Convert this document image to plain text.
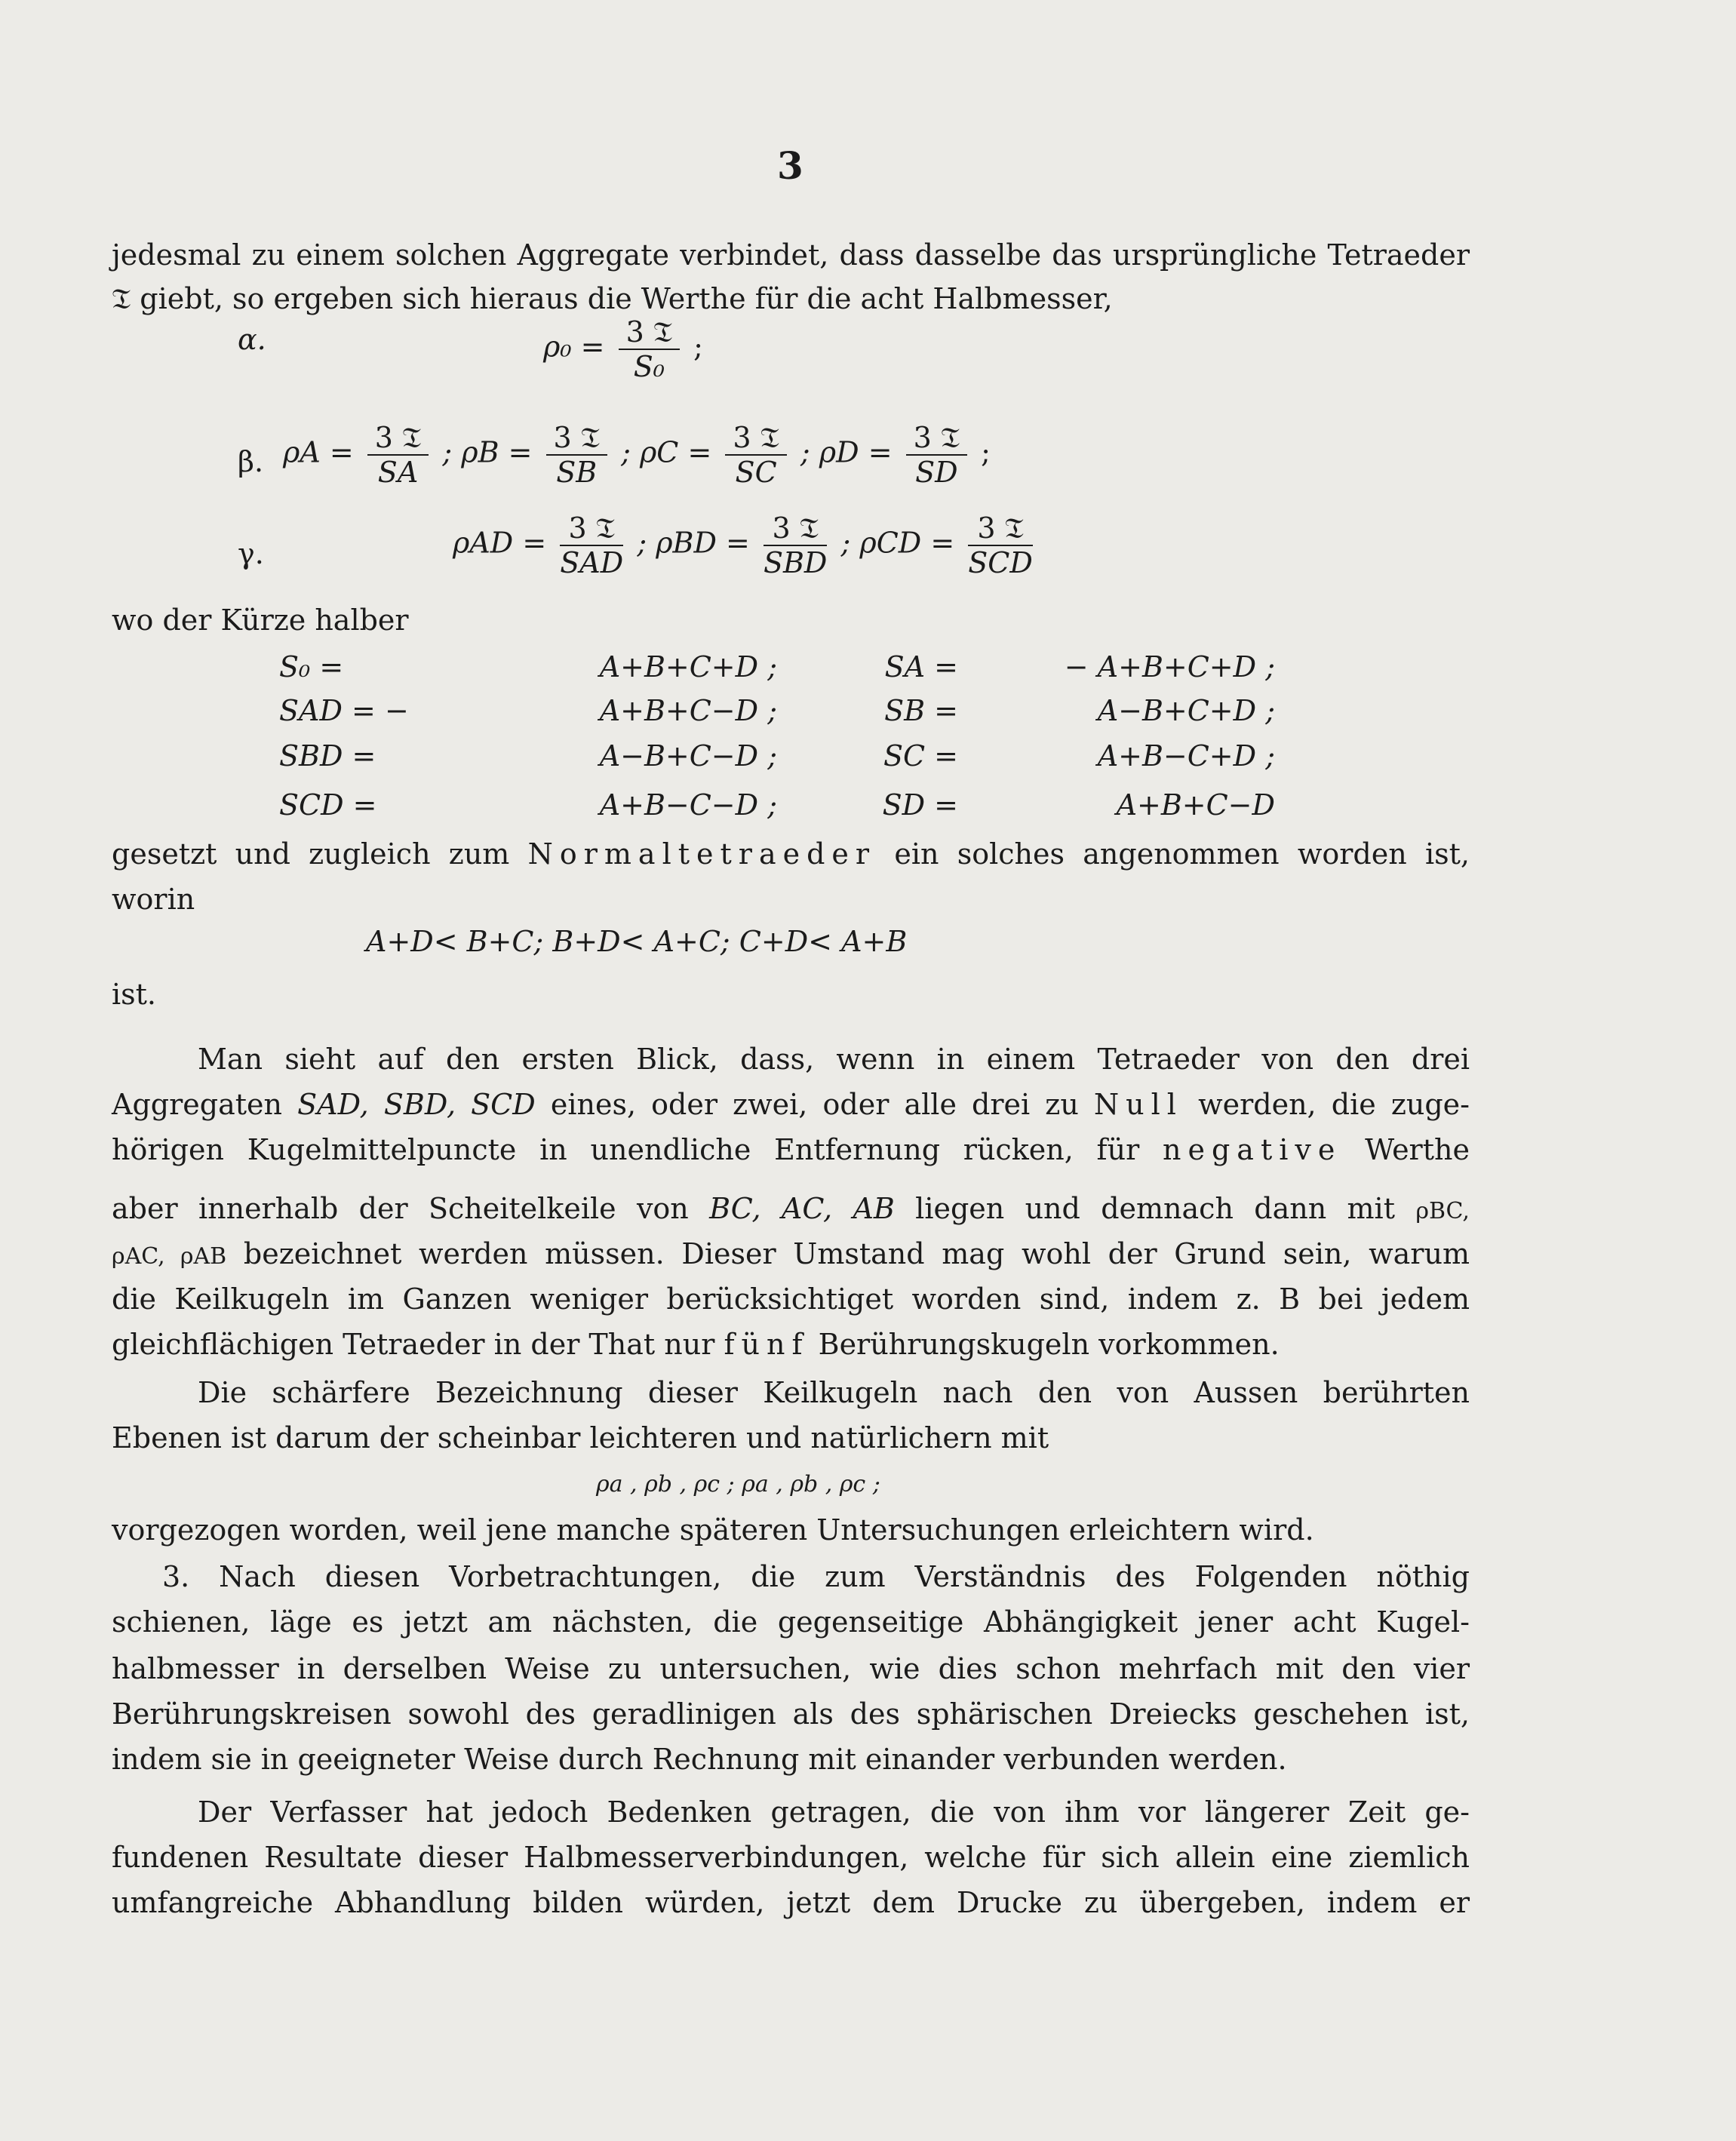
3
jedesmal zu einem solchen Aggregate verbindet, dass dasselbe das ursprüngliche Tetraeder
𝔗 giebt, so ergeben sich hieraus die Werthe für die acht Halbmesser,
α.	$\rho_0 = \frac{\text{3 𝔗}}{\text{S₀}}$ ;
β. $\rho A = \frac{\text{3 𝔗}}{SA}$ ; $\rho B = \frac{\text{3 𝔗}}{SB}$ ; $\rho C = \frac{\text{3 𝔗}}{SC}$ ; $\rho D = \frac{\text{3 𝔗}}{SD}$ ;
γ.	$\rho AD = \frac{\text{3 𝔗}}{\text{SAD}}$ ; $\rho BD = \frac{\text{3 𝔗}}{\text{SBD}}$ ; $\rho CD = \frac{\text{3 𝔗}}{\text{SCD}}$
wo der Kürze halber
S₀ =	A+B+C+D ;	SA =	− A+B+C+D ;
SAD = −	A+B+C−D ;	SB =	A−B+C+D ;
SBD =	A−B+C−D ;	SC =	A+B−C+D ;
SCD =	A+B−C−D ;	SD =	A+B+C−D
gesetzt und zugleich zum Normaltetraeder ein solches angenommen worden ist,
worin
A+D< B+C; B+D< A+C; C+D< A+B
ist.
Man sieht auf den ersten Blick, dass, wenn in einem Tetraeder von den drei
Aggregaten SAD, SBD, SCD eines, oder zwei, oder alle drei zu Null werden, die zuge-
hörigen Kugelmittelpuncte in unendliche Entfernung rücken, für negative Werthe
aber innerhalb der Scheitelkeile von BC, AC, AB liegen und demnach dann mit ρBC,
ρAC, ρAB bezeichnet werden müssen. Dieser Umstand mag wohl der Grund sein, warum
die Keilkugeln im Ganzen weniger berücksichtiget worden sind, indem z. B bei jedem
gleichflächigen Tetraeder in der That nur fünf Berührungskugeln vorkommen.
Die schärfere Bezeichnung dieser Keilkugeln nach den von Aussen berührten
Ebenen ist darum der scheinbar leichteren und natürlichern mit
ρa , ρb , ρc ; ρa , ρb , ρc ;
vorgezogen worden, weil jene manche späteren Untersuchungen erleichtern wird.
3. Nach diesen Vorbetrachtungen, die zum Verständnis des Folgenden nöthig
schienen, läge es jetzt am nächsten, die gegenseitige Abhängigkeit jener acht Kugel-
halbmesser in derselben Weise zu untersuchen, wie dies schon mehrfach mit den vier
Berührungskreisen sowohl des geradlinigen als des sphärischen Dreiecks geschehen ist,
indem sie in geeigneter Weise durch Rechnung mit einander verbunden werden.
Der Verfasser hat jedoch Bedenken getragen, die von ihm vor längerer Zeit ge-
fundenen Resultate dieser Halbmesserverbindungen, welche für sich allein eine ziemlich
umfangreiche Abhandlung bilden würden, jetzt dem Drucke zu übergeben, indem er
